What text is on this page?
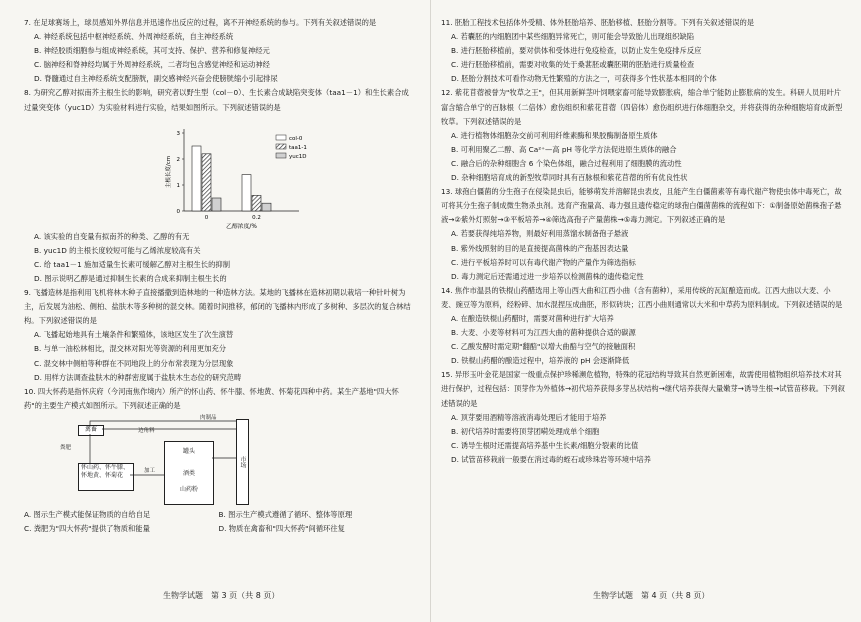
7. 在足球赛场上，球员感知外界信息并迅速作出反应的过程，离不开神经系统的参与。下列有关叙述错误的是
A. 神经系统包括中枢神经系统、外周神经系统，自主神经系统
B. 神经胶质细胞参与组成神经系统，其可支持、保护、营养和修复神经元
C. 脑神经和脊神经均属于外周神经系统，二者均包含感觉神经和运动神经
D. 脊髓通过自主神经系统支配膀胱，副交感神经兴奋会使膀胱缩小引起排尿
8. 为研究乙醇对拟南芥主根生长的影响，研究者以野生型（col－0）、生长素合成缺陷突变体（taa1－1）和生长素合成过量突变体（yuc1D）为实验材料进行实验，结果如图所示。下列叙述错误的是
0
1
2
3
主根长度/cm
乙醇浓度/%
0	0.2
col-0
taa1-1
yuc1D
A. 该实验的自变量有拟南芥的种类、乙醇的有无
B. yuc1D 的主根长度较短可能与乙烯浓度较高有关
C. 给 taa1－1 施加适量生长素可缓解乙醇对主根生长的抑制
D. 图示说明乙醇是通过抑制生长素的合成来抑制主根生长的
9. 飞播造林是指利用飞机将林木种子直接播撒到造林地的一种造林方法。某地的飞播林在造林初期以栽培一种针叶树为主，后发展为油松、侧柏、盐肤木等多种树的混交林。随着时间推移，郁闭的飞播林内形成了多树种、多层次的复合林结构。下列叙述错误的是
A. 飞播起始地具有土壤条件和繁殖体，该地区发生了次生演替
B. 与单一油松林相比，混交林对阳光等资源的利用更加充分
C. 混交林中侧柏等种群在不同地段上的分布常表现为分层现象
D. 用样方法调查盐肤木的种群密度属于盐肤木生态位的研究范畴
10. 四大怀药是指怀庆府（今河南焦作境内）所产的怀山药、怀牛膝、怀地黄、怀菊花四种中药。某生产基地"四大怀药"的主要生产模式如图所示。下列叙述正确的是
肉制品
边角料
禽畜
粪肥
怀山药、怀牛膝、怀地黄、怀菊花
加工
罐头
酒类
山药粉
市场
A. 图示生产模式能保证物质的自给自足	B. 图示生产模式遵循了循环、整体等原理
C. 粪肥为"四大怀药"提供了物质和能量	D. 物质在禽畜和"四大怀药"间循环往复
生物学试题　第 3 页（共 8 页）
11. 胚胎工程技术包括体外受精、体外胚胎培养、胚胎移植、胚胎分割等。下列有关叙述错误的是
A. 若囊胚的内细胞团中某些细胞异常死亡，则可能会导致胎儿出现组织缺陷
B. 进行胚胎移植前，要对供体和受体进行免疫检查，以防止发生免疫排斥反应
C. 进行胚胎移植前，需要对收集的处于桑葚胚或囊胚期的胚胎进行质量检查
D. 胚胎分割技术可看作动物无性繁殖的方法之一，可获得多个性状基本相同的个体
12. 紫花苜蓿被誉为"牧草之王"，但其用新鲜茎叶饲喂家畜可能导致膨胀病，缩合单宁能防止膨胀病的发生。科研人员用叶片富含缩合单宁的百脉根（二倍体）愈伤组织和紫花苜蓿（四倍体）愈伤组织进行体细胞杂交，并将获得的杂种细胞培育成新型牧草。下列叙述错误的是
A. 进行植物体细胞杂交前可利用纤维素酶和果胶酶制备原生质体
B. 可利用聚乙二醇、高 Ca²⁺—高 pH 等化学方法促进原生质体的融合
C. 融合后的杂种细胞含 6 个染色体组，融合过程利用了细胞膜的流动性
D. 杂种细胞培育成的新型牧草同时具有百脉根和紫花苜蓿的所有优良性状
13. 球孢白僵菌的分生孢子在侵染昆虫后，能够萌发并溶解昆虫表皮，且能产生白僵菌素等有毒代谢产物使虫体中毒死亡，故可将其分生孢子制成微生物杀虫剂。选育产孢量高、毒力强且遗传稳定的球孢白僵菌菌株的流程如下：①制备原始菌株孢子悬液→②紫外灯照射→③平板培养→④筛选高孢子产量菌株→⑤毒力测定。下列叙述正确的是
A. 若要获得纯培养物，则最好利用蒸馏水制备孢子悬液
B. 紫外线照射的目的是直接提高菌株的产孢基因表达量
C. 进行平板培养时可以有毒代谢产物的产量作为筛选指标
D. 毒力测定后还需通过进一步培养以检测菌株的遗传稳定性
14. 焦作市温县的铁棍山药醋选用上等山西大曲和江西小曲（含有菌种），采用传统的瓦缸酿造而成。江西大曲以大麦、小麦、豌豆等为原料，经粉碎、加水混捏压成曲胚，形似砖块；江西小曲则通常以大米和中草药为原料制成。下列叙述错误的是
A. 在酿造铁棍山药醋时，需要对菌种进行扩大培养
B. 大麦、小麦等材料可为江西大曲的菌种提供合适的碳源
C. 乙酸发酵时需定期"翻醅"以增大曲醅与空气的接触面积
D. 铁棍山药醋的酿造过程中，培养液的 pH 会逐渐降低
15. 异形玉叶金花是国家一级重点保护珍稀濒危植物，特殊的花冠结构导致其自然更新困难，故需使用植物组织培养技术对其进行保护，过程包括：顶芽作为外植体→初代培养获得多芽丛状结构→继代培养获得大量嫩芽→诱导生根→试管苗移栽。下列叙述错误的是
A. 顶芽要用酒精等溶液消毒处理后才能用于培养
B. 初代培养时需要将顶芽团嗬处理成单个细胞
C. 诱导生根时还需提高培养基中生长素/细胞分裂素的比值
D. 试管苗移栽前一般要在消过毒的蛭石或珍珠岩等环境中培养
生物学试题　第 4 页（共 8 页）
